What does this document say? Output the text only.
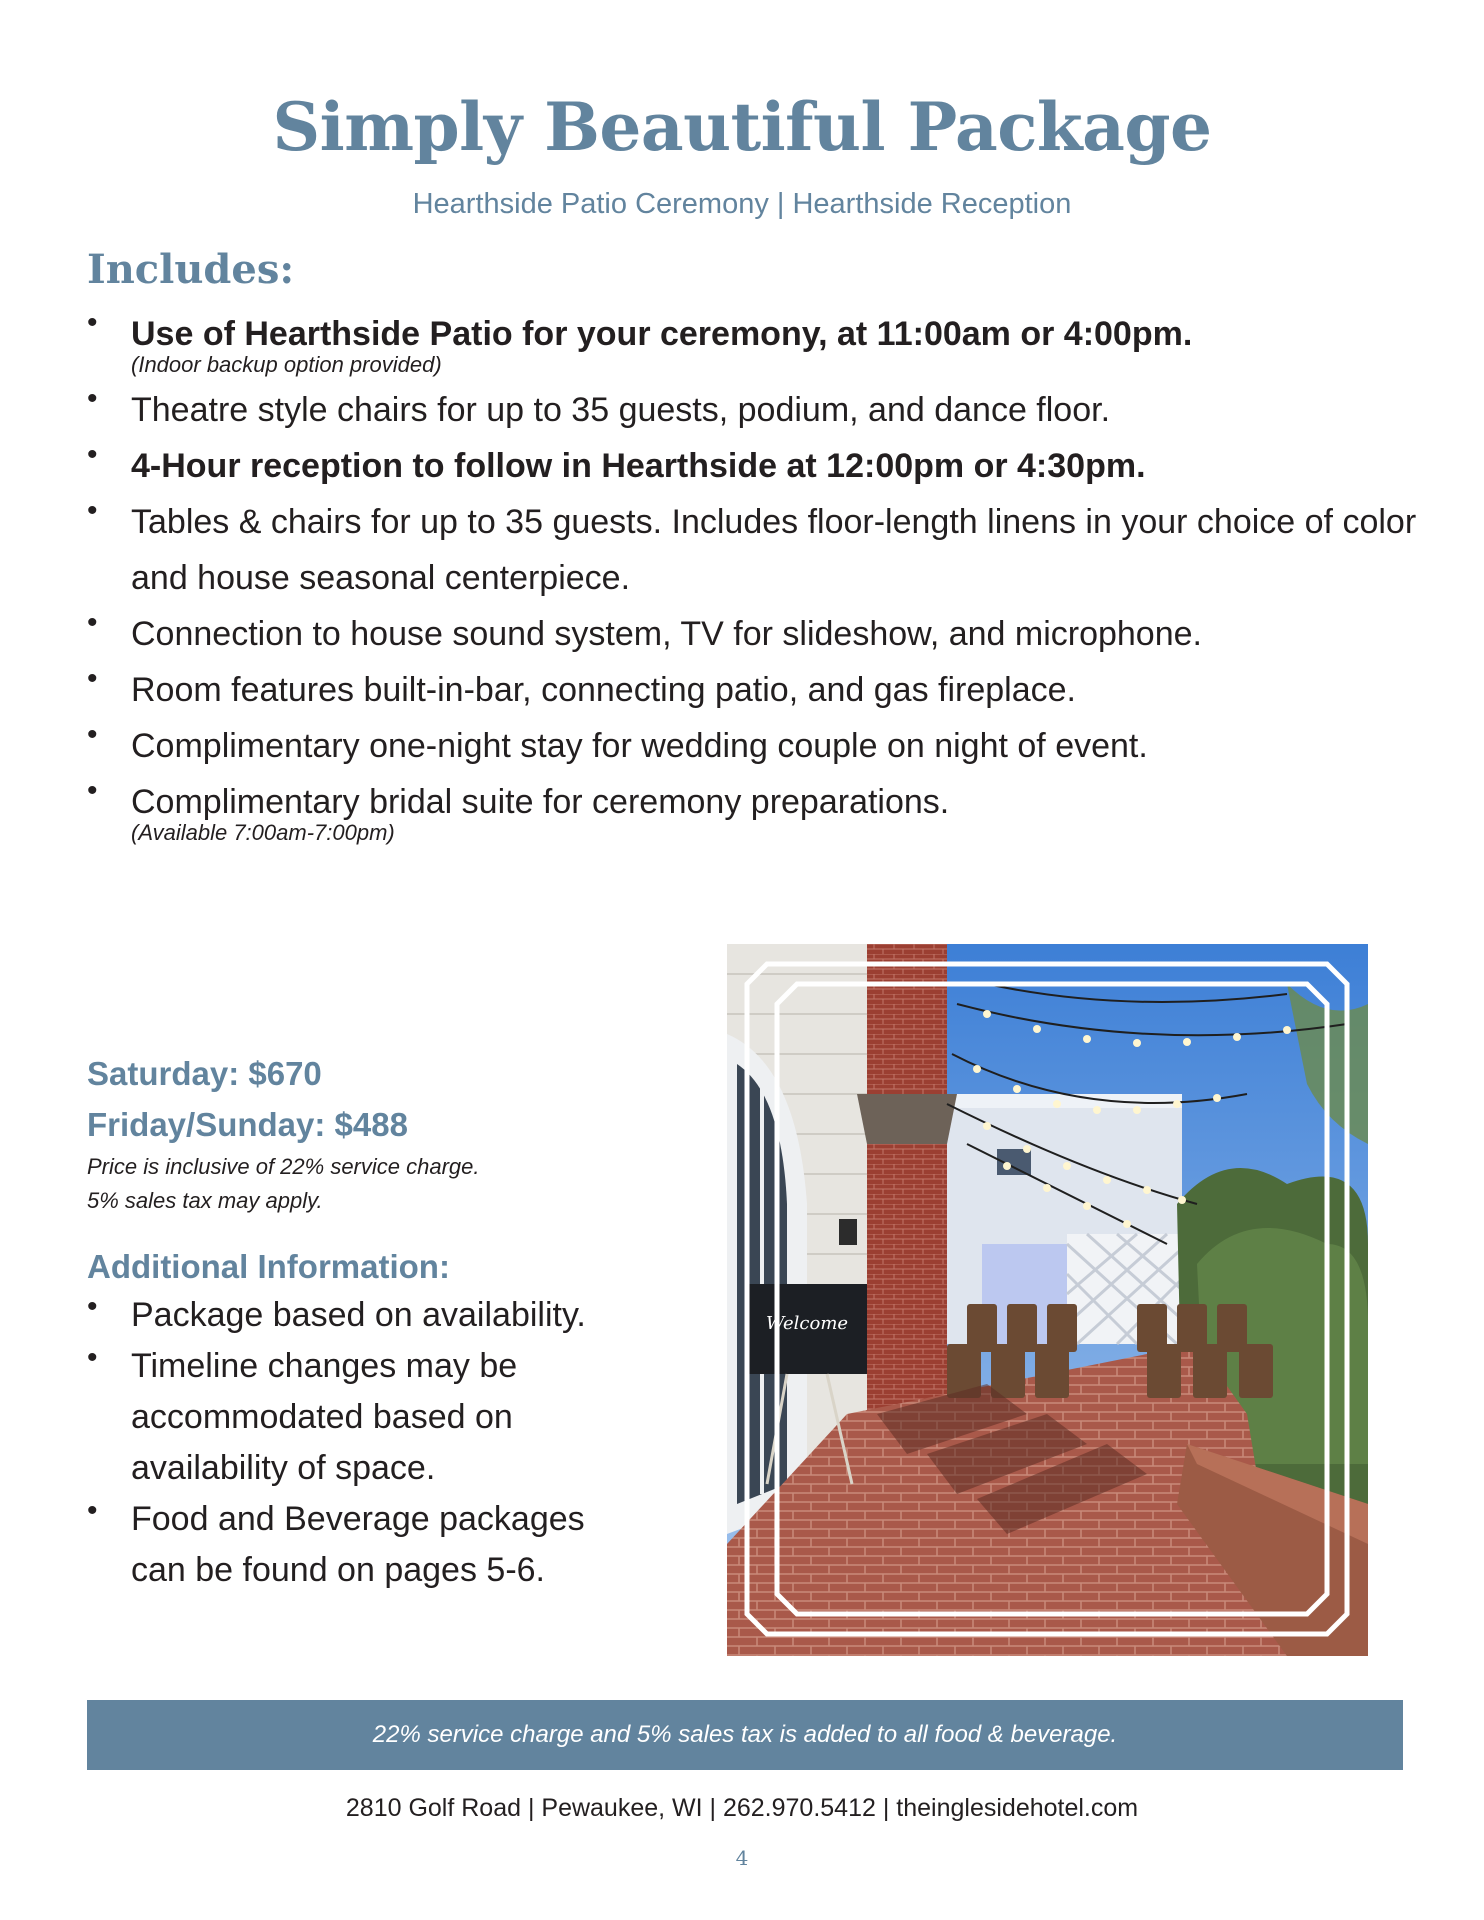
Simply Beautiful Package
Hearthside Patio Ceremony | Hearthside Reception
Includes:
• Use of Hearthside Patio for your ceremony, at 11:00am or 4:00pm.
(Indoor backup option provided)
• Theatre style chairs for up to 35 guests, podium, and dance floor.
• 4-Hour reception to follow in Hearthside at 12:00pm or 4:30pm.
• Tables & chairs for up to 35 guests. Includes floor-length linens in your choice of color and house seasonal centerpiece.
• Connection to house sound system, TV for slideshow, and microphone.
• Room features built-in-bar, connecting patio, and gas fireplace.
• Complimentary one-night stay for wedding couple on night of event.
• Complimentary bridal suite for ceremony preparations.
(Available 7:00am-7:00pm)
Saturday: $670
Friday/Sunday: $488
Price is inclusive of 22% service charge.
5% sales tax may apply.
Additional Information:
• Package based on availability.
• Timeline changes may be accommodated based on availability of space.
• Food and Beverage packages can be found on pages 5-6.
Welcome
22% service charge and 5% sales tax is added to all food & beverage.
2810 Golf Road | Pewaukee, WI | 262.970.5412 | theinglesidehotel.com
4
